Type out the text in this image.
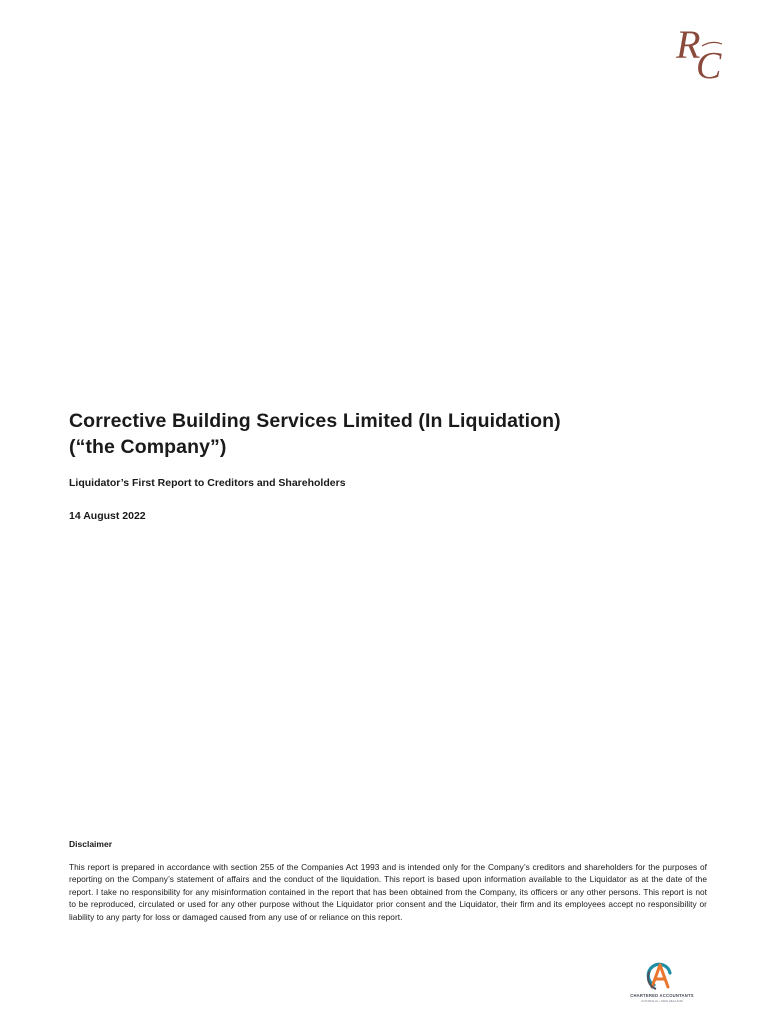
R
C
Corrective Building Services Limited (In Liquidation)
(“the Company”)
Liquidator’s First Report to Creditors and Shareholders
14 August 2022
Disclaimer
This report is prepared in accordance with section 255 of the Companies Act 1993 and is intended only for the Company’s creditors and shareholders for the purposes of reporting on the Company’s statement of affairs and the conduct of the liquidation. This report is based upon information available to the Liquidator as at the date of the report. I take no responsibility for any misinformation contained in the report that has been obtained from the Company, its officers or any other persons. This report is not to be reproduced, circulated or used for any other purpose without the Liquidator prior consent and the Liquidator, their firm and its employees accept no responsibility or liability to any party for loss or damaged caused from any use of or reliance on this report.
CHARTERED ACCOUNTANTS
AUSTRALIA + NEW ZEALAND
